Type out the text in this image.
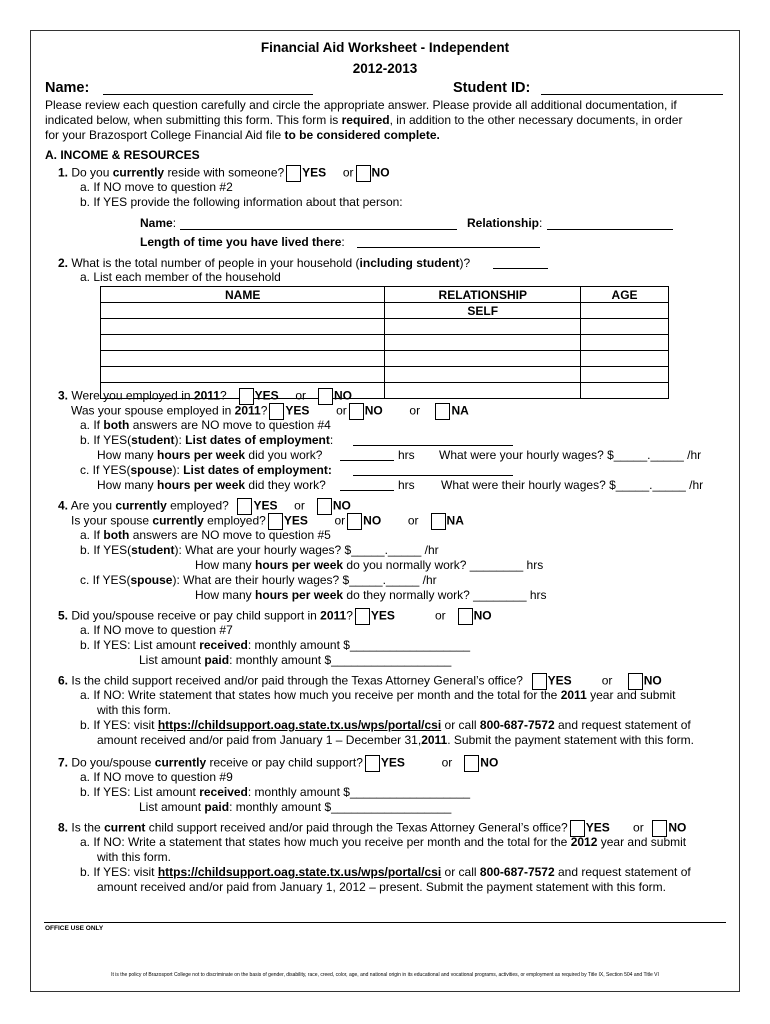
Financial Aid Worksheet - Independent
2012-2013
Name:	Student ID:
Please review each question carefully and circle the appropriate answer. Please provide all additional documentation, if
indicated below, when submitting this form. This form is required, in addition to the other necessary documents, in order
for your Brazosport College Financial Aid file to be considered complete.
A. INCOME & RESOURCES
1. Do you currently reside with someone? YES or NO
a. If NO move to question #2
b. If YES provide the following information about that person:
Name:	Relationship:
Length of time you have lived there:
2. What is the total number of people in your household (including student)?
a. List each member of the household
NAME	RELATIONSHIP	AGE
	SELF	

3. Were you employed in 2011? YES or NO
Was your spouse employed in 2011? YES or NO or	NA
a. If both answers are NO move to question #4
b. If YES(student): List dates of employment:
How many hours per week did you work?	hrs What were your hourly wages? $_____._____ /hr
c. If YES(spouse): List dates of employment:
How many hours per week did they work?	hrs What were their hourly wages? $_____._____ /hr
4. Are you currently employed? YES or NO
Is your spouse currently employed? YES or NO or NA
a. If both answers are NO move to question #5
b. If YES(student): What are your hourly wages? $_____._____ /hr
How many hours per week do you normally work? ________ hrs
c. If YES(spouse): What are their hourly wages? $_____._____ /hr
How many hours per week do they normally work? ________ hrs
5. Did you/spouse receive or pay child support in 2011? YES	or NO
a. If NO move to question #7
b. If YES: List amount received: monthly amount $__________________
List amount paid: monthly amount $__________________
6. Is the child support received and/or paid through the Texas Attorney General’s office? YES	or	NO
a. If NO: Write statement that states how much you receive per month and the total for the 2011 year and submit
with this form.
b. If YES: visit https://childsupport.oag.state.tx.us/wps/portal/csi or call 800-687-7572 and request statement of
amount received and/or paid from January 1 – December 31,2011. Submit the payment statement with this form.
7. Do you/spouse currently receive or pay child support? YES	or NO
a. If NO move to question #9
b. If YES: List amount received: monthly amount $__________________
List amount paid: monthly amount $__________________
8. Is the current child support received and/or paid through the Texas Attorney General’s office? YES or NO
a. If NO: Write a statement that states how much you receive per month and the total for the 2012 year and submit
with this form.
b. If YES: visit https://childsupport.oag.state.tx.us/wps/portal/csi or call 800-687-7572 and request statement of
amount received and/or paid from January 1, 2012 – present. Submit the payment statement with this form.
OFFICE USE ONLY
It is the policy of Brazosport College not to discriminate on the basis of gender, disability, race, creed, color, age, and national origin in its educational and vocational programs, activities, or employment as required by Title IX, Section 504 and Title VI
